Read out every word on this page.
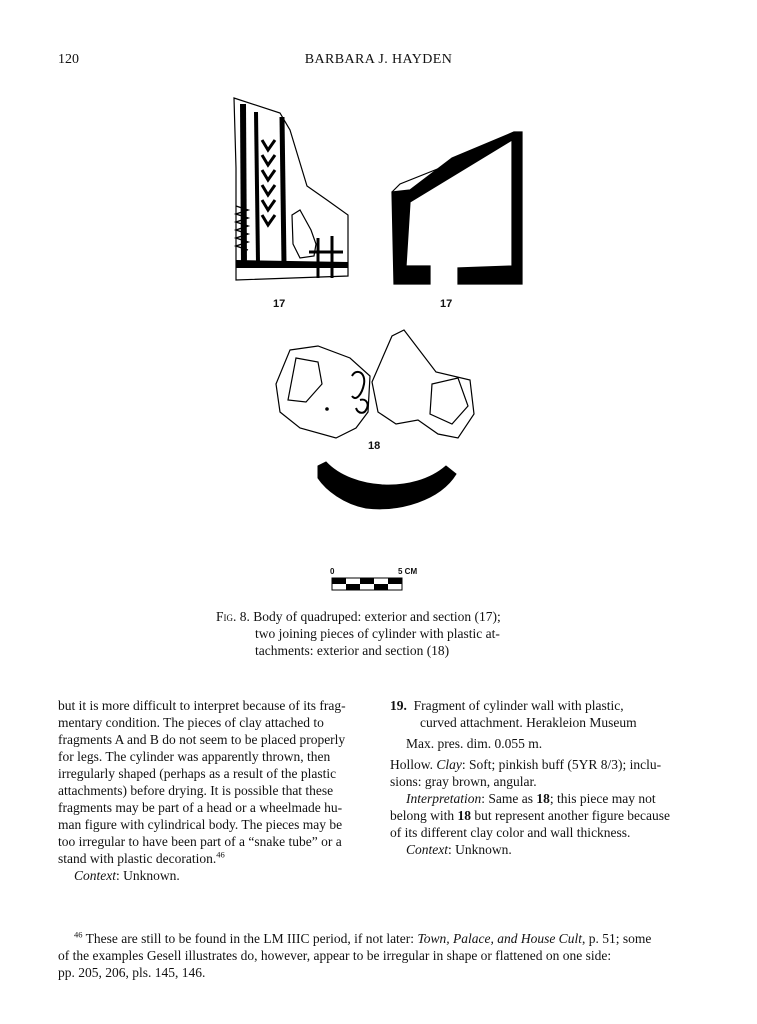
120	BARBARA J. HAYDEN
17	17
18
0	5 CM
Fig. 8. Body of quadruped: exterior and section (17);
two joining pieces of cylinder with plastic at-
tachments: exterior and section (18)

but it is more difficult to interpret because of its frag-

mentary condition. The pieces of clay attached to

fragments A and B do not seem to be placed properly

for legs. The cylinder was apparently thrown, then

irregularly shaped (perhaps as a result of the plastic

attachments) before drying. It is possible that these

fragments may be part of a head or a wheelmade hu-

man figure with cylindrical body. The pieces may be

too irregular to have been part of a “snake tube” or a

stand with plastic decoration.$^{46}$

Context: Unknown.

19. Fragment of cylinder wall with plastic,

curved attachment. Herakleion Museum

Max. pres. dim. 0.055 m.

Hollow. Clay: Soft; pinkish buff (5YR 8/3); inclu-

sions: gray brown, angular.

Interpretation: Same as 18; this piece may not

belong with 18 but represent another figure because

of its different clay color and wall thickness.

Context: Unknown.

$^{46}$ These are still to be found in the LM IIIC period, if not later: Town, Palace, and House Cult, p. 51; some

of the examples Gesell illustrates do, however, appear to be irregular in shape or flattened on one side:

pp. 205, 206, pls. 145, 146.
